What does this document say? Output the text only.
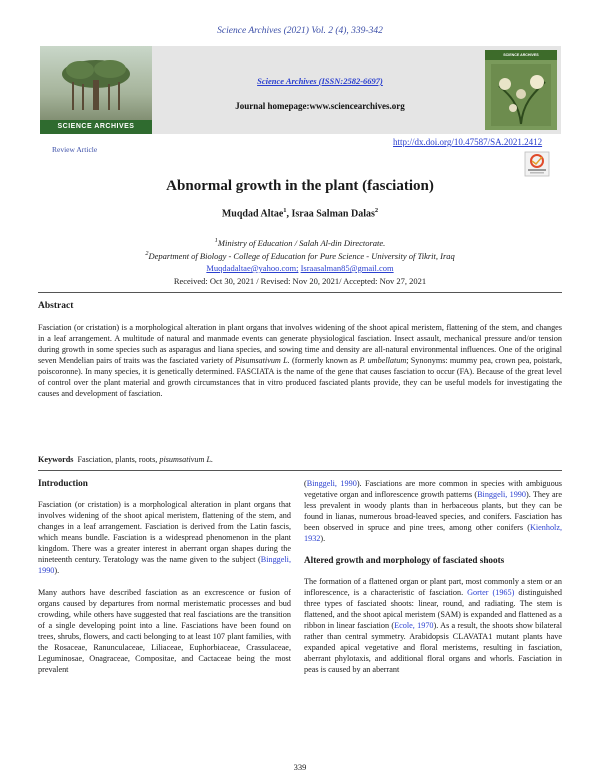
Science Archives (2021) Vol. 2 (4), 339-342
SCIENCE ARCHIVES
Science Archives (ISSN:2582-6697)
Journal homepage:www.sciencearchives.org
SCIENCE ARCHIVES
Review Article
http://dx.doi.org/10.47587/SA.2021.2412
Abnormal growth in the plant (fasciation)
Muqdad Altae$^1$, Israa Salman Dalas$^2$
$^1$Ministry of Education / Salah Al-din Directorate.
$^2$Department of Biology - College of Education for Pure Science - University of Tikrit, Iraq
Muqdadaltae@yahoo.com; Israasalman85@gmail.com
Received: Oct 30, 2021 / Revised: Nov 20, 2021/ Accepted: Nov 27, 2021
Abstract
Fasciation (or cristation) is a morphological alteration in plant organs that involves widening of the shoot apical meristem, flattening of the stem, and changes in a leaf arrangement. A multitude of natural and manmade events can generate physiological fasciation. Insect assault, mechanical pressure and/or tension during growth in some species such as asparagus and liana species, and sowing time and density are all-natural environmental influences. One of the original seven Mendelian pairs of traits was the fasciated variety of Pisumsativum L. (formerly known as P. umbellatum; Synonyms: mummy pea, crown pea, poistark, poiscoronne). In many species, it is genetically determined. FASCIATA is the name of the gene that causes fasciation to occur (FA). Because of the great level of control over the plant material and growth circumstances that in vitro produced fasciated plants provide, they can be useful models for investigating the causes and development of fasciation.
Keywords Fasciation, plants, roots, pisumsativum L.
Introduction

Fasciation (or cristation) is a morphological alteration in plant organs that involves widening of the shoot apical meristem, flattening of the stem, and changes in a leaf arrangement. Fasciation is derived from the Latin fascis, which means bundle. Fasciation is a widespread phenomenon in the plant kingdom. There was a greater interest in aberrant organ shapes during the nineteenth century. Teratology was the name given to the subject (Binggeli, 1990).

Many authors have described fasciation as an excrescence or fusion of organs caused by departures from normal meristematic processes and bud crowding, while others have suggested that real fasciations are the transition of a single developing point into a line. Fasciations have been found on trees, shrubs, flowers, and cacti belonging to at least 107 plant families, with the Rosaceae, Ranunculaceae, Liliaceae, Euphorbiaceae, Crassulaceae, Leguminosae, Onagraceae, Compositae, and Cactaceae being the most prevalent

(Binggeli, 1990). Fasciations are more common in species with ambiguous vegetative organ and inflorescence growth patterns (Binggeli, 1990). They are less prevalent in woody plants than in herbaceous plants, but they can be found in lianas, numerous broad-leaved species, and conifers. Fasciation has been observed in spruce and pine trees, among other conifers (Kienholz, 1932).

Altered growth and morphology of fasciated shoots

The formation of a flattened organ or plant part, most commonly a stem or an inflorescence, is a characteristic of fasciation. Gorter (1965) distinguished three types of fasciated shoots: linear, round, and radiating. The stem is flattened, and the shoot apical meristem (SAM) is expanded and flattened as a ribbon in linear fasciation (Ecole, 1970). As a result, the shoots show bilateral rather than central symmetry. Arabidopsis CLAVATA1 mutant plants have expanded apical vegetative and floral meristems, resulting in fasciation, aberrant phylotaxis, and additional floral organs and whorls. Fasciation in peas is caused by an aberrant

339
